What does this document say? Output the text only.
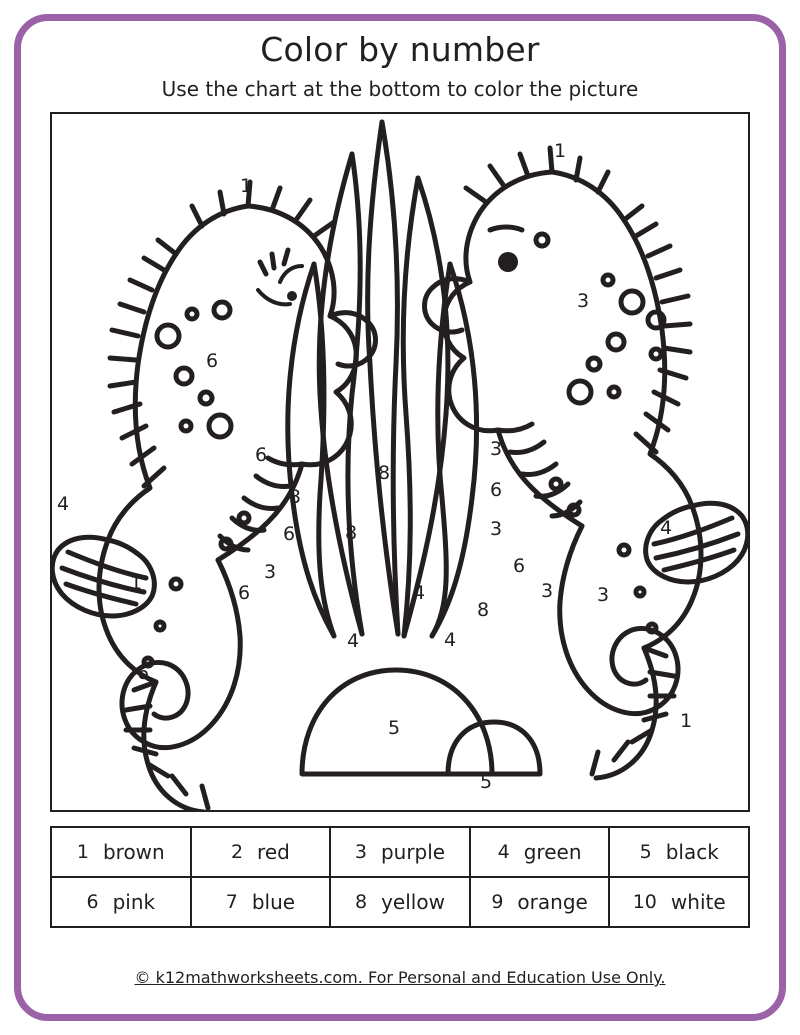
Color by number
Use the chart at the bottom to color the picture
1
6
4
6
3
6
3
6
1
6
8
8
4
4
5
5
1
3
3
6
3
6
3 3
8
4
4
1
1 brown	2 red	3 purple	4 green	5 black

6 pink	7 blue	8 yellow	9 orange	10 white
© k12mathworksheets.com. For Personal and Education Use Only.
